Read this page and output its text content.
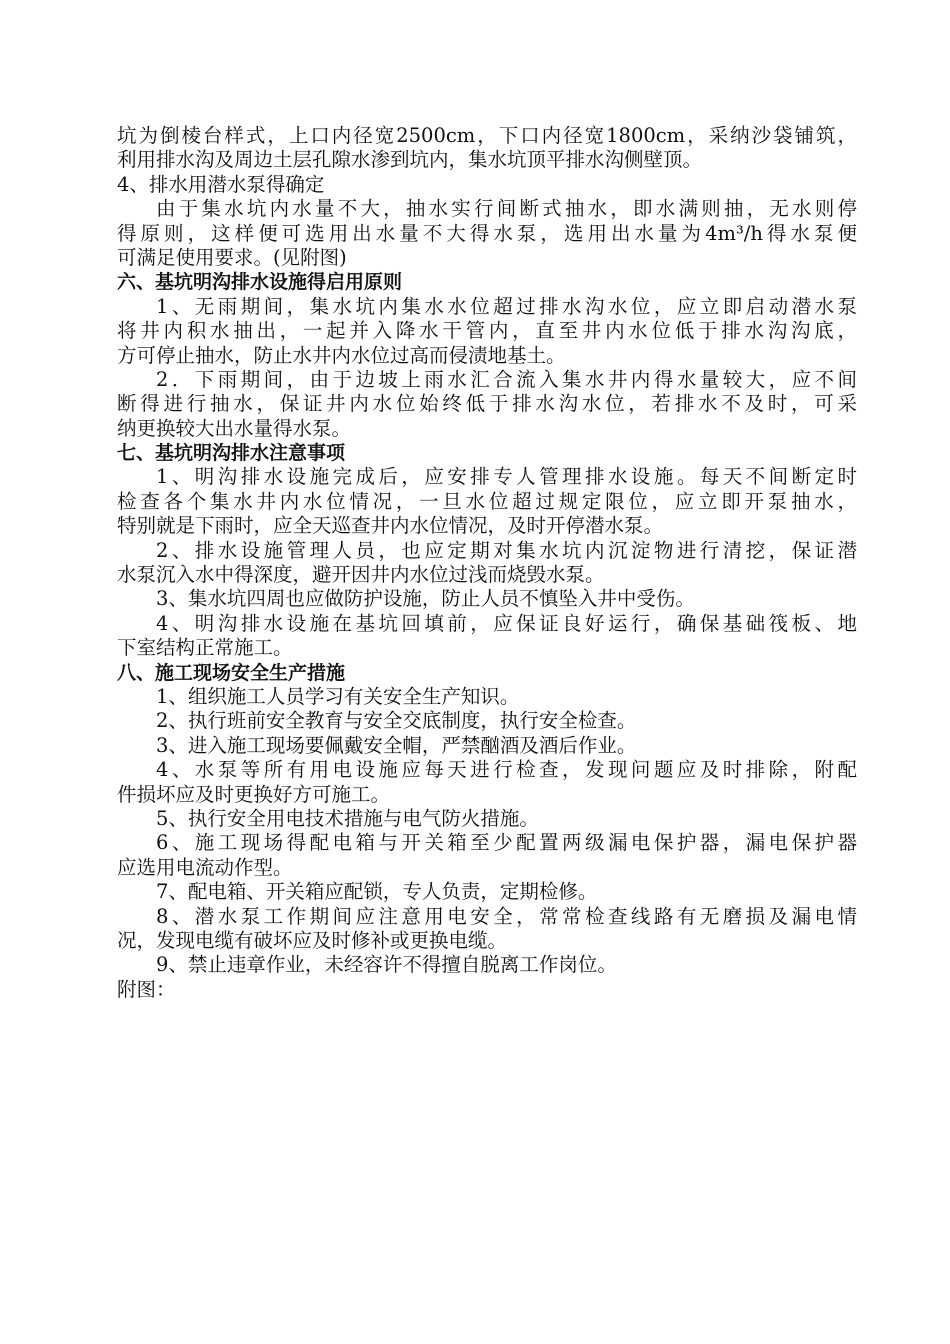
坑为倒棱台样式，上口内径宽2500cm，下口内径宽1800cm，采纳沙袋铺筑，
利用排水沟及周边土层孔隙水渗到坑内，集水坑顶平排水沟侧壁顶。
4、排水用潜水泵得确定
由于集水坑内水量不大，抽水实行间断式抽水，即水满则抽，无水则停
得原则，这样便可选用出水量不大得水泵，选用出水量为4m³/h得水泵便
可满足使用要求。(见附图)
六、基坑明沟排水设施得启用原则
1、无雨期间，集水坑内集水水位超过排水沟水位，应立即启动潜水泵
将井内积水抽出，一起并入降水干管内，直至井内水位低于排水沟沟底，
方可停止抽水，防止水井内水位过高而侵渍地基土。
2．下雨期间，由于边坡上雨水汇合流入集水井内得水量较大，应不间
断得进行抽水，保证井内水位始终低于排水沟水位，若排水不及时，可采
纳更换较大出水量得水泵。
七、基坑明沟排水注意事项
1、明沟排水设施完成后，应安排专人管理排水设施。每天不间断定时
检查各个集水井内水位情况，一旦水位超过规定限位，应立即开泵抽水，
特别就是下雨时，应全天巡查井内水位情况，及时开停潜水泵。
2、排水设施管理人员，也应定期对集水坑内沉淀物进行清挖，保证潜
水泵沉入水中得深度，避开因井内水位过浅而烧毁水泵。
3、集水坑四周也应做防护设施，防止人员不慎坠入井中受伤。
4、明沟排水设施在基坑回填前，应保证良好运行，确保基础筏板、地
下室结构正常施工。
八、施工现场安全生产措施
1、组织施工人员学习有关安全生产知识。
2、执行班前安全教育与安全交底制度，执行安全检查。
3、进入施工现场要佩戴安全帽，严禁酗酒及酒后作业。
4、水泵等所有用电设施应每天进行检查，发现问题应及时排除，附配
件损坏应及时更换好方可施工。
5、执行安全用电技术措施与电气防火措施。
6、施工现场得配电箱与开关箱至少配置两级漏电保护器，漏电保护器
应选用电流动作型。
7、配电箱、开关箱应配锁，专人负责，定期检修。
8、潜水泵工作期间应注意用电安全，常常检查线路有无磨损及漏电情
况，发现电缆有破坏应及时修补或更换电缆。
9、禁止违章作业，未经容许不得擅自脱离工作岗位。
附图：
